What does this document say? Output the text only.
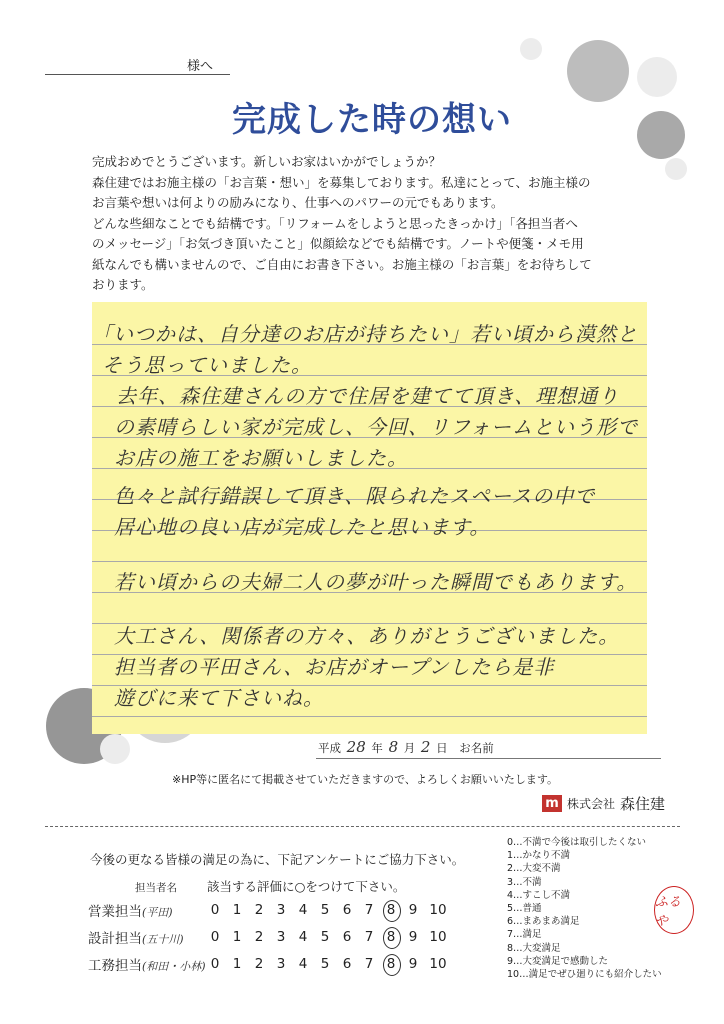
様へ
完成した時の想い
完成おめでとうございます。新しいお家はいかがでしょうか？
森住建ではお施主様の「お言葉・想い」を募集しております。私達にとって、お施主様の
お言葉や想いは何よりの励みになり、仕事へのパワーの元でもあります。
どんな些細なことでも結構です。「リフォームをしようと思ったきっかけ」「各担当者へ
のメッセージ」「お気づき頂いたこと」似顔絵などでも結構です。ノートや便箋・メモ用
紙なんでも構いませんので、ご自由にお書き下さい。お施主様の「お言葉」をお待ちして
おります。
「いつかは、自分達のお店が持ちたい」若い頃から漠然と
そう思っていました。
去年、森住建さんの方で住居を建てて頂き、理想通り
の素晴らしい家が完成し、今回、リフォームという形で
お店の施工をお願いしました。
色々と試行錯誤して頂き、限られたスペースの中で
居心地の良い店が完成したと思います。
若い頃からの夫婦二人の夢が叶った瞬間でもあります。
大工さん、関係者の方々、ありがとうございました。
担当者の平田さん、お店がオープンしたら是非
遊びに来て下さいね。
平成 28 年 8 月 2 日 お名前
※HP等に匿名にて掲載させていただきますので、よろしくお願いいたします。
m 株式会社 森住建
今後の更なる皆様の満足の為に、下記アンケートにご協力下さい。
担当者名 該当する評価に○をつけて下さい。
営業担当(平田)	0 1 2 3 4 5 6 7 8 9 10
設計担当(五十川)	0 1 2 3 4 5 6 7 8 9 10
工務担当(和田・小林) 0 1 2 3 4 5 6 7 8 9 10
0…不満で今後は取引したくない
1…かなり不満
2…大変不満
3…不満
4…すこし不満
5…普通
6…まあまあ満足
7…満足
8…大変満足
9…大変満足で感動した
10…満足でぜひ廻りにも紹介したい
ふるや
